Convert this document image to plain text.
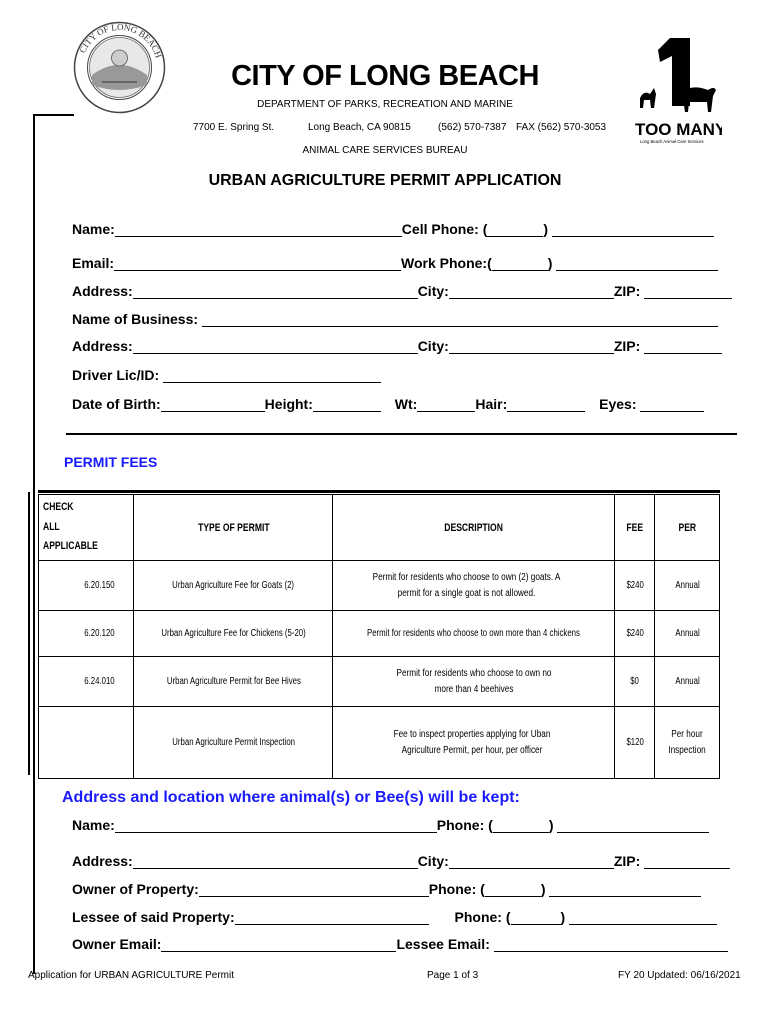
CITY OF LONG BEACH
TOO MANY
Long Beach Animal Care Services
CITY OF LONG BEACH
DEPARTMENT OF PARKS, RECREATION AND MARINE
7700 E. Spring St.	Long Beach, CA 90815	(562) 570-7387 FAX (562) 570-3053
ANIMAL CARE SERVICES BUREAU
URBAN AGRICULTURE PERMIT APPLICATION
Name:	Cell Phone: (	)
Email:	Work Phone:(	)
Address:	City:	ZIP:
Name of Business:
Address:	City:	ZIP:
Driver Lic/ID:
Date of Birth:	Height:	Wt:	Hair:	Eyes:
PERMIT FEES
CHECK ALL APPLICABLE	TYPE OF PERMIT	DESCRIPTION	FEE	PER
6.20.150	Urban Agriculture Fee for Goats (2)	Permit for residents who choose to own (2) goats. A permit for a single goat is not allowed.	$240	Annual
6.20.120	Urban Agriculture Fee for Chickens (5-20)	Permit for residents who choose to own more than 4 chickens	$240	Annual
6.24.010	Urban Agriculture Permit for Bee Hives	Permit for residents who choose to own no more than 4 beehives	$0	Annual
	Urban Agriculture Permit Inspection	Fee to inspect properties applying for Uban Agriculture Permit, per hour, per officer	$120	Per hour Inspection
Address and location where animal(s) or Bee(s) will be kept:
Name:	Phone: (	)
Address:	City:	ZIP:
Owner of Property:	Phone: (	)
Lessee of said Property:	Phone: (	)
Owner Email:	Lessee Email:
Application for URBAN AGRICULTURE Permit	Page 1 of 3	FY 20 Updated: 06/16/2021
